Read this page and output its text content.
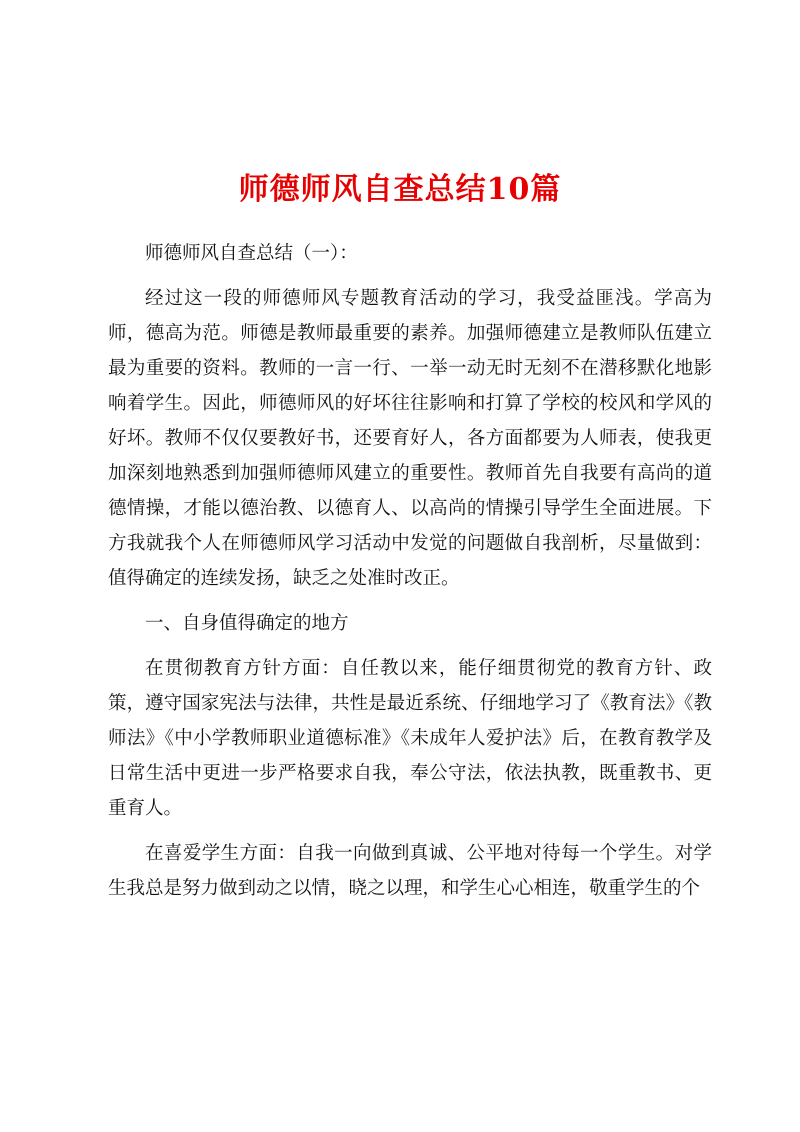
师德师风自查总结10篇

师德师风自查总结（一）：

经过这一段的师德师风专题教育活动的学习，我受益匪浅。学高为师，德高为范。师德是教师最重要的素养。加强师德建立是教师队伍建立最为重要的资料。教师的一言一行、一举一动无时无刻不在潜移默化地影响着学生。因此，师德师风的好坏往往影响和打算了学校的校风和学风的好坏。教师不仅仅要教好书，还要育好人，各方面都要为人师表，使我更加深刻地熟悉到加强师德师风建立的重要性。教师首先自我要有高尚的道德情操，才能以德治教、以德育人、以高尚的情操引导学生全面进展。下方我就我个人在师德师风学习活动中发觉的问题做自我剖析，尽量做到：值得确定的连续发扬，缺乏之处准时改正。

一、自身值得确定的地方

在贯彻教育方针方面：自任教以来，能仔细贯彻党的教育方针、政策，遵守国家宪法与法律，共性是最近系统、仔细地学习了《教育法》《教师法》《中小学教师职业道德标准》《未成年人爱护法》后，在教育教学及日常生活中更进一步严格要求自我，奉公守法，依法执教，既重教书、更重育人。

在喜爱学生方面：自我一向做到真诚、公平地对待每一个学生。对学生我总是努力做到动之以情，晓之以理，和学生心心相连，敬重学生的个
